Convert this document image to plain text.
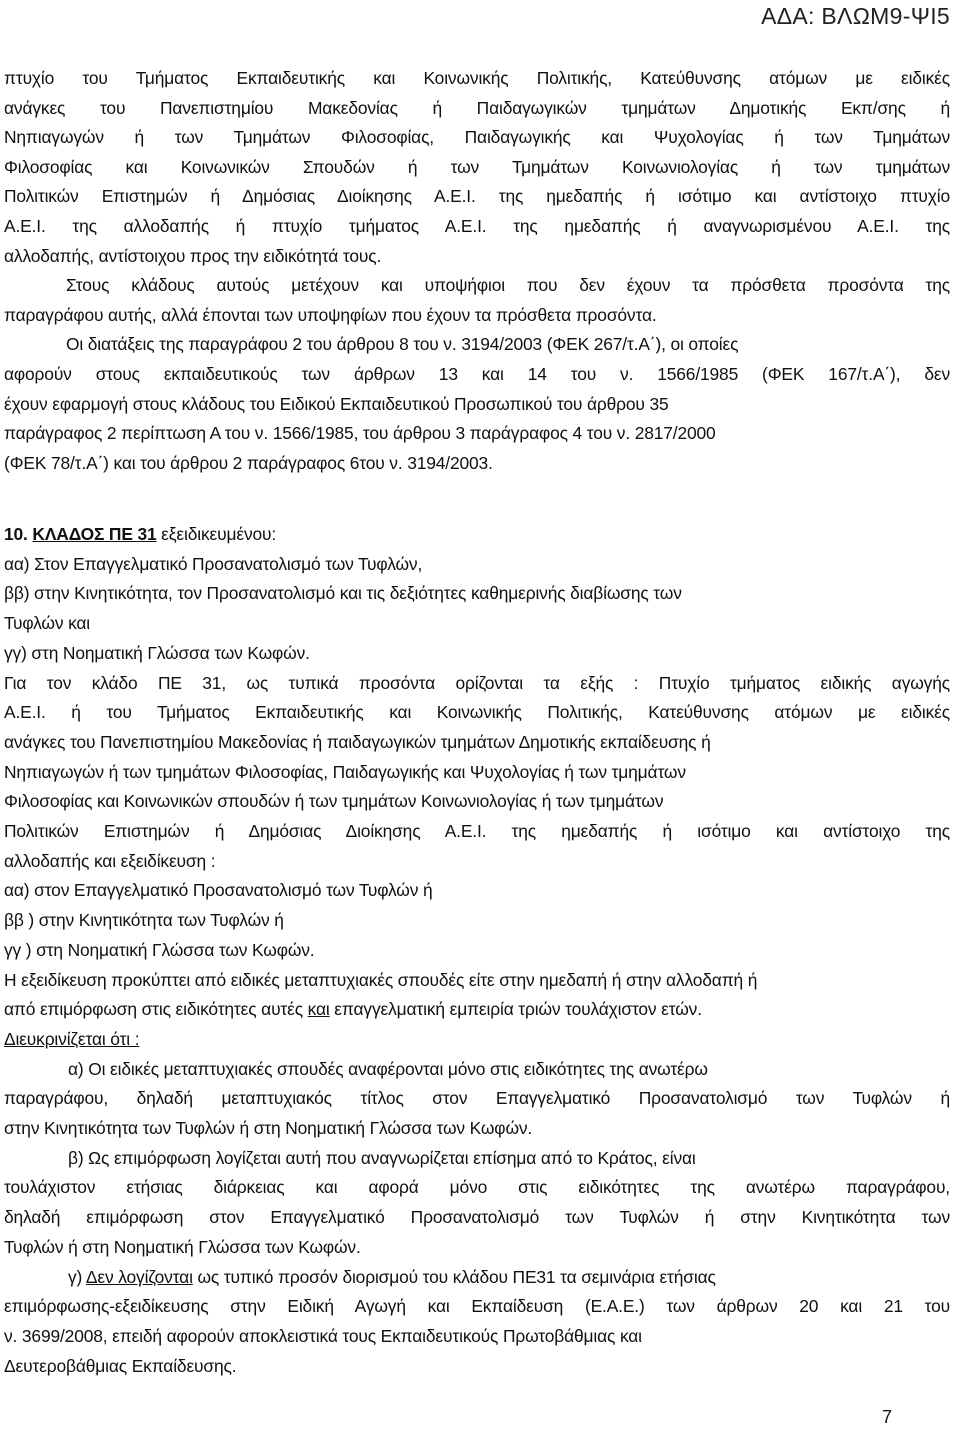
ΑΔΑ: ΒΛΩΜ9-ΨΙ5
πτυχίο του Τμήματος Εκπαιδευτικής και Κοινωνικής Πολιτικής, Κατεύθυνσης ατόμων με ειδικές
ανάγκες του Πανεπιστημίου Μακεδονίας ή Παιδαγωγικών τμημάτων Δημοτικής Εκπ/σης ή
Νηπιαγωγών ή των Τμημάτων Φιλοσοφίας, Παιδαγωγικής και Ψυχολογίας ή των Τμημάτων
Φιλοσοφίας και Κοινωνικών Σπουδών ή των Τμημάτων Κοινωνιολογίας ή των τμημάτων
Πολιτικών Επιστημών ή Δημόσιας Διοίκησης Α.Ε.Ι. της ημεδαπής ή ισότιμο και αντίστοιχο πτυχίο
Α.Ε.Ι. της αλλοδαπής ή πτυχίο τμήματος Α.Ε.Ι. της ημεδαπής ή αναγνωρισμένου Α.Ε.Ι. της
αλλοδαπής, αντίστοιχου προς την ειδικότητά τους.
Στους κλάδους αυτούς μετέχουν και υποψήφιοι που δεν έχουν τα πρόσθετα προσόντα της
παραγράφου αυτής, αλλά έπονται των υποψηφίων που έχουν τα πρόσθετα προσόντα.
Οι διατάξεις της παραγράφου 2 του άρθρου 8 του ν. 3194/2003 (ΦΕΚ 267/τ.Α΄), οι οποίες
αφορούν στους εκπαιδευτικούς των άρθρων 13 και 14 του ν. 1566/1985 (ΦΕΚ 167/τ.Α΄), δεν
έχουν εφαρμογή στους κλάδους του Ειδικού Εκπαιδευτικού Προσωπικού του άρθρου 35
παράγραφος 2 περίπτωση Α του ν. 1566/1985, του άρθρου 3 παράγραφος 4 του ν. 2817/2000
(ΦΕΚ 78/τ.Α΄) και του άρθρου 2 παράγραφος 6του ν. 3194/2003.
10. ΚΛΑΔΟΣ ΠΕ 31 εξειδικευμένου:
αα) Στον Επαγγελματικό Προσανατολισμό των Τυφλών,
ββ) στην Κινητικότητα, τον Προσανατολισμό και τις δεξιότητες καθημερινής διαβίωσης των
Τυφλών και
γγ) στη Νοηματική Γλώσσα των Κωφών.
Για τον κλάδο ΠΕ 31, ως τυπικά προσόντα ορίζονται τα εξής : Πτυχίο τμήματος ειδικής αγωγής
Α.Ε.Ι. ή του Τμήματος Εκπαιδευτικής και Κοινωνικής Πολιτικής, Κατεύθυνσης ατόμων με ειδικές
ανάγκες του Πανεπιστημίου Μακεδονίας ή παιδαγωγικών τμημάτων Δημοτικής εκπαίδευσης ή
Νηπιαγωγών ή των τμημάτων Φιλοσοφίας, Παιδαγωγικής και Ψυχολογίας ή των τμημάτων
Φιλοσοφίας και Κοινωνικών σπουδών ή των τμημάτων Κοινωνιολογίας ή των τμημάτων
Πολιτικών Επιστημών ή Δημόσιας Διοίκησης Α.Ε.Ι. της ημεδαπής ή ισότιμο και αντίστοιχο της
αλλοδαπής και εξειδίκευση :
αα) στον Επαγγελματικό Προσανατολισμό των Τυφλών ή
ββ ) στην Κινητικότητα των Τυφλών ή
γγ ) στη Νοηματική Γλώσσα των Κωφών.
Η εξειδίκευση προκύπτει από ειδικές μεταπτυχιακές σπουδές είτε στην ημεδαπή ή στην αλλοδαπή ή
από επιμόρφωση στις ειδικότητες αυτές και επαγγελματική εμπειρία τριών τουλάχιστον ετών.
Διευκρινίζεται ότι :
α) Οι ειδικές μεταπτυχιακές σπουδές αναφέρονται μόνο στις ειδικότητες της ανωτέρω
παραγράφου, δηλαδή μεταπτυχιακός τίτλος στον Επαγγελματικό Προσανατολισμό των Τυφλών ή
στην Κινητικότητα των Τυφλών ή στη Νοηματική Γλώσσα των Κωφών.
β) Ως επιμόρφωση λογίζεται αυτή που αναγνωρίζεται επίσημα από το Κράτος, είναι
τουλάχιστον ετήσιας διάρκειας και αφορά μόνο στις ειδικότητες της ανωτέρω παραγράφου,
δηλαδή επιμόρφωση στον Επαγγελματικό Προσανατολισμό των Τυφλών ή στην Κινητικότητα των
Τυφλών ή στη Νοηματική Γλώσσα των Κωφών.
γ) Δεν λογίζονται ως τυπικό προσόν διορισμού του κλάδου ΠΕ31 τα σεμινάρια ετήσιας
επιμόρφωσης-εξειδίκευσης στην Ειδική Αγωγή και Εκπαίδευση (Ε.Α.Ε.) των άρθρων 20 και 21 του
ν. 3699/2008, επειδή αφορούν αποκλειστικά τους Εκπαιδευτικούς Πρωτοβάθμιας και
Δευτεροβάθμιας Εκπαίδευσης.
7
